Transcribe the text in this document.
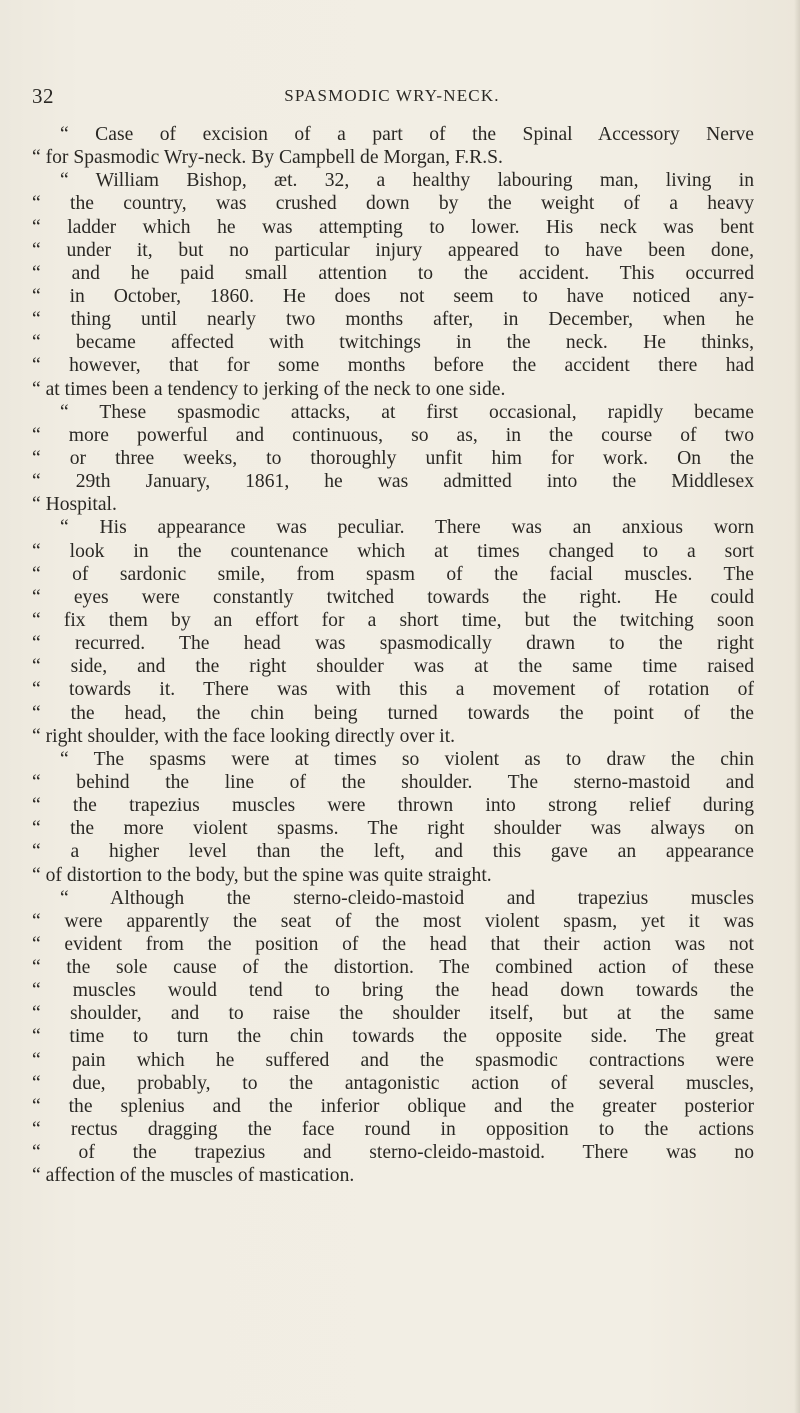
32	SPASMODIC WRY-NECK.
“ Case of excision of a part of the Spinal Accessory Nerve
“ for Spasmodic Wry-neck. By Campbell de Morgan, F.R.S.
“ William Bishop, æt. 32, a healthy labouring man, living in
“ the country, was crushed down by the weight of a heavy
“ ladder which he was attempting to lower. His neck was bent
“ under it, but no particular injury appeared to have been done,
“ and he paid small attention to the accident. This occurred
“ in October, 1860. He does not seem to have noticed any-
“ thing until nearly two months after, in December, when he
“ became affected with twitchings in the neck. He thinks,
“ however, that for some months before the accident there had
“ at times been a tendency to jerking of the neck to one side.
“ These spasmodic attacks, at first occasional, rapidly became
“ more powerful and continuous, so as, in the course of two
“ or three weeks, to thoroughly unfit him for work. On the
“ 29th January, 1861, he was admitted into the Middlesex
“ Hospital.
“ His appearance was peculiar. There was an anxious worn
“ look in the countenance which at times changed to a sort
“ of sardonic smile, from spasm of the facial muscles. The
“ eyes were constantly twitched towards the right. He could
“ fix them by an effort for a short time, but the twitching soon
“ recurred. The head was spasmodically drawn to the right
“ side, and the right shoulder was at the same time raised
“ towards it. There was with this a movement of rotation of
“ the head, the chin being turned towards the point of the
“ right shoulder, with the face looking directly over it.
“ The spasms were at times so violent as to draw the chin
“ behind the line of the shoulder. The sterno-mastoid and
“ the trapezius muscles were thrown into strong relief during
“ the more violent spasms. The right shoulder was always on
“ a higher level than the left, and this gave an appearance
“ of distortion to the body, but the spine was quite straight.
“ Although the sterno-cleido-mastoid and trapezius muscles
“ were apparently the seat of the most violent spasm, yet it was
“ evident from the position of the head that their action was not
“ the sole cause of the distortion. The combined action of these
“ muscles would tend to bring the head down towards the
“ shoulder, and to raise the shoulder itself, but at the same
“ time to turn the chin towards the opposite side. The great
“ pain which he suffered and the spasmodic contractions were
“ due, probably, to the antagonistic action of several muscles,
“ the splenius and the inferior oblique and the greater posterior
“ rectus dragging the face round in opposition to the actions
“ of the trapezius and sterno-cleido-mastoid. There was no
“ affection of the muscles of mastication.
